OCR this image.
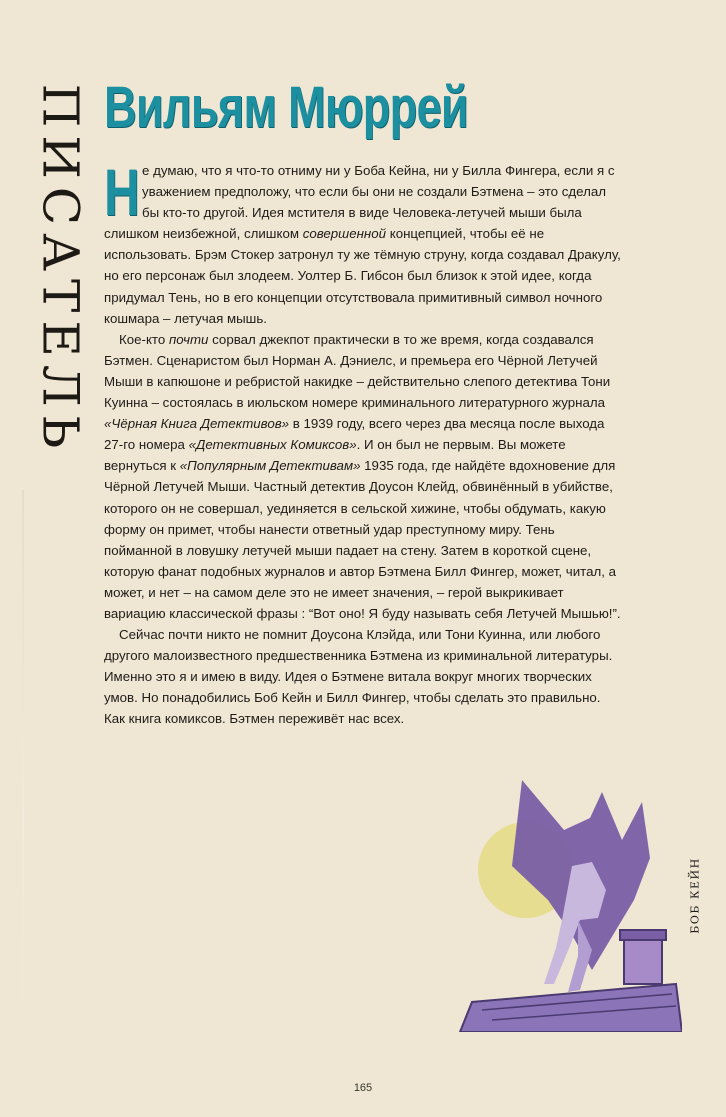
ПИСАТЕЛЬ Вильям Мюррей

Н е думаю, что я что-то отниму ни у Боба Кейна, ни у Билла Фингера, если я с уважением предположу, что если бы они не создали Бэтмена – это сделал бы кто-то другой. Идея мстителя в виде Человека-летучей мыши была слишком неизбежной, слишком совершенной концепцией, чтобы её не использовать. Брэм Стокер затронул ту же тёмную струну, когда создавал Дракулу, но его персонаж был злодеем. Уолтер Б. Гибсон был близок к этой идее, когда придумал Тень, но в его концепции отсутствовала примитивный символ ночного кошмара – летучая мышь.

Кое-кто почти сорвал джекпот практически в то же время, когда создавался Бэтмен. Сценаристом был Норман А. Дэниелс, и премьера его Чёрной Летучей Мыши в капюшоне и ребристой накидке – действительно слепого детектива Тони Куинна – состоялась в июльском номере криминального литературного журнала «Чёрная Книга Детективов» в 1939 году, всего через два месяца после выхода 27-го номера «Детективных Комиксов». И он был не первым. Вы можете вернуться к «Популярным Детективам» 1935 года, где найдёте вдохновение для Чёрной Летучей Мыши. Частный детектив Доусон Клейд, обвинённый в убийстве, которого он не совершал, уединяется в сельской хижине, чтобы обдумать, какую форму он примет, чтобы нанести ответный удар преступному миру. Тень пойманной в ловушку летучей мыши падает на стену. Затем в короткой сцене, которую фанат подобных журналов и автор Бэтмена Билл Фингер, может, читал, а может, и нет – на самом деле это не имеет значения, – герой выкрикивает вариацию классической фразы : “Вот оно! Я буду называть себя Летучей Мышью!”.

Сейчас почти никто не помнит Доусона Клэйда, или Тони Куинна, или любого другого малоизвестного предшественника Бэтмена из криминальной литературы. Именно это я и имею в виду. Идея о Бэтмене витала вокруг многих творческих умов. Но понадобились Боб Кейн и Билл Фингер, чтобы сделать это правильно. Как книга комиксов. Бэтмен переживёт нас всех.

БОБ КЕЙН
165
